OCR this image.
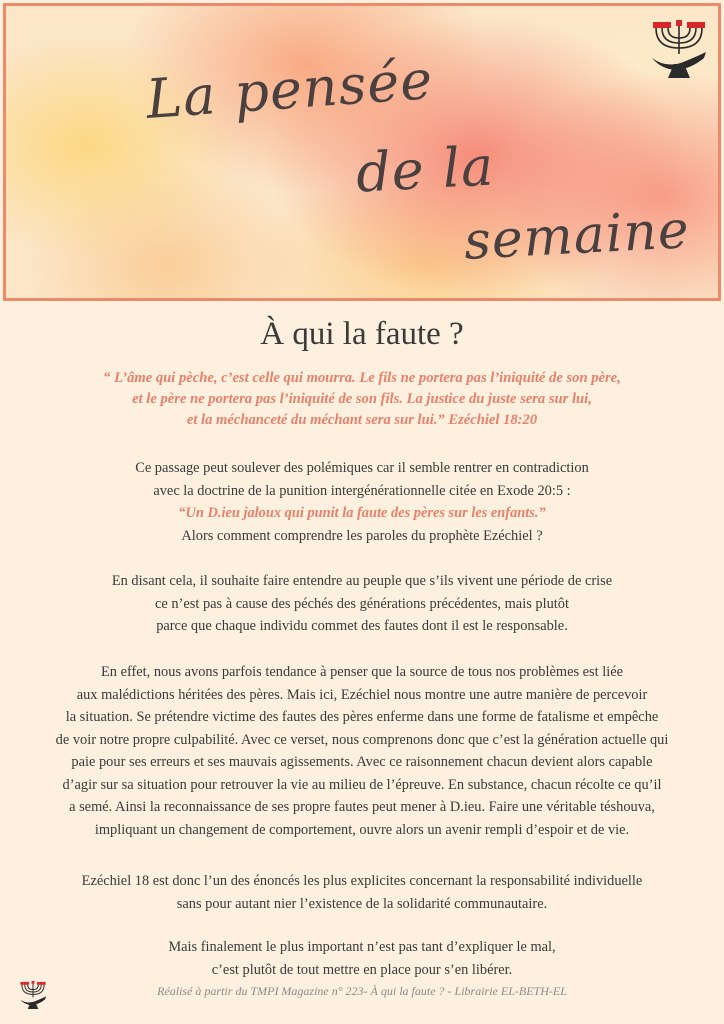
La pensée
de la
semaine
À qui la faute ?
“ L’âme qui pèche, c’est celle qui mourra. Le fils ne portera pas l’iniquité de son père,
et le père ne portera pas l’iniquité de son fils. La justice du juste sera sur lui,
et la méchanceté du méchant sera sur lui.” Ezéchiel 18:20
Ce passage peut soulever des polémiques car il semble rentrer en contradiction
avec la doctrine de la punition intergénérationnelle citée en Exode 20:5 :
“Un D.ieu jaloux qui punit la faute des pères sur les enfants.”
Alors comment comprendre les paroles du prophète Ezéchiel ?
En disant cela, il souhaite faire entendre au peuple que s’ils vivent une période de crise
ce n’est pas à cause des péchés des générations précédentes, mais plutôt
parce que chaque individu commet des fautes dont il est le responsable.
En effet, nous avons parfois tendance à penser que la source de tous nos problèmes est liée
aux malédictions héritées des pères. Mais ici, Ezéchiel nous montre une autre manière de percevoir
la situation. Se prétendre victime des fautes des pères enferme dans une forme de fatalisme et empêche
de voir notre propre culpabilité. Avec ce verset, nous comprenons donc que c’est la génération actuelle qui
paie pour ses erreurs et ses mauvais agissements. Avec ce raisonnement chacun devient alors capable
d’agir sur sa situation pour retrouver la vie au milieu de l’épreuve. En substance, chacun récolte ce qu’il
a semé. Ainsi la reconnaissance de ses propre fautes peut mener à D.ieu. Faire une véritable téshouva,
impliquant un changement de comportement, ouvre alors un avenir rempli d’espoir et de vie.
Ezéchiel 18 est donc l’un des énoncés les plus explicites concernant la responsabilité individuelle
sans pour autant nier l’existence de la solidarité communautaire.
Mais finalement le plus important n’est pas tant d’expliquer le mal,
c’est plutôt de tout mettre en place pour s’en libérer.
Réalisé à partir du TMPI Magazine n° 223- À qui la faute ? - Librairie EL-BETH-EL
